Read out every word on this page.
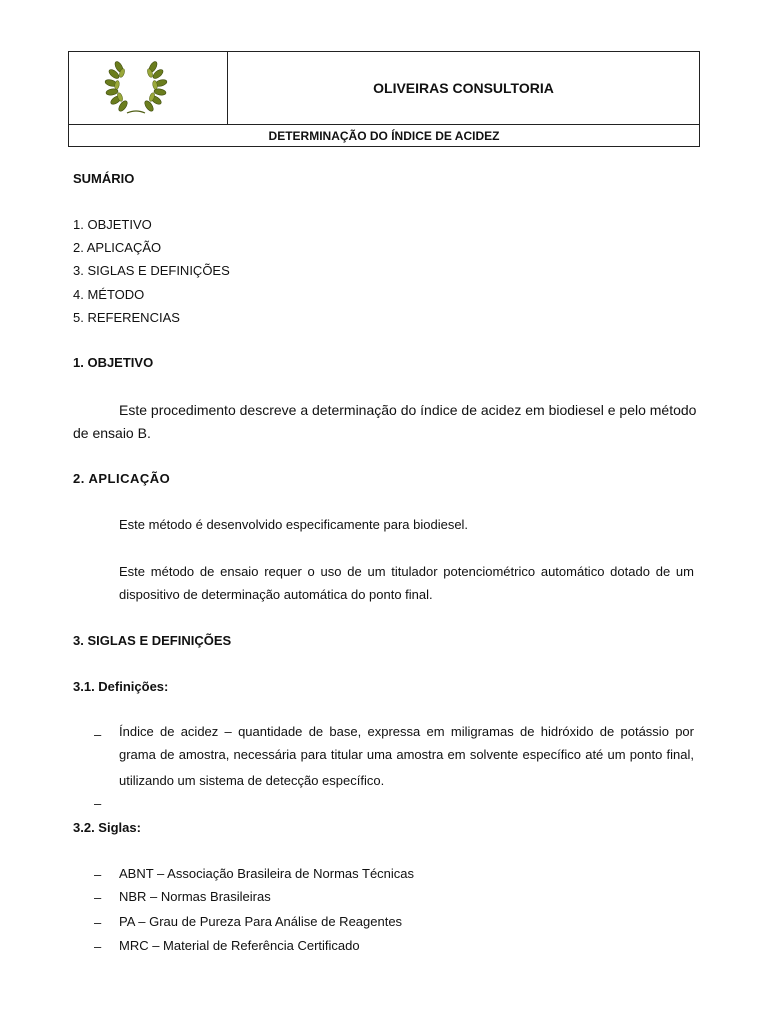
OLIVEIRAS CONSULTORIA
DETERMINAÇÃO DO ÍNDICE DE ACIDEZ
SUMÁRIO
1. OBJETIVO
2. APLICAÇÃO
3. SIGLAS E DEFINIÇÕES
4. MÉTODO
5. REFERENCIAS
1. OBJETIVO
Este procedimento descreve a determinação do índice de acidez em biodiesel e pelo método
de ensaio B.
2. APLICAÇÃO
Este método é desenvolvido especificamente para biodiesel.
Este método de ensaio requer o uso de um titulador potenciométrico automático dotado de um
dispositivo de determinação automática do ponto final.
3. SIGLAS E DEFINIÇÕES
3.1. Definições:
– Índice de acidez – quantidade de base, expressa em miligramas de hidróxido de potássio por
grama de amostra, necessária para titular uma amostra em solvente específico até um ponto final,
utilizando um sistema de detecção específico.
–
3.2. Siglas:
– ABNT – Associação Brasileira de Normas Técnicas
– NBR – Normas Brasileiras
– PA – Grau de Pureza Para Análise de Reagentes
– MRC – Material de Referência Certificado
